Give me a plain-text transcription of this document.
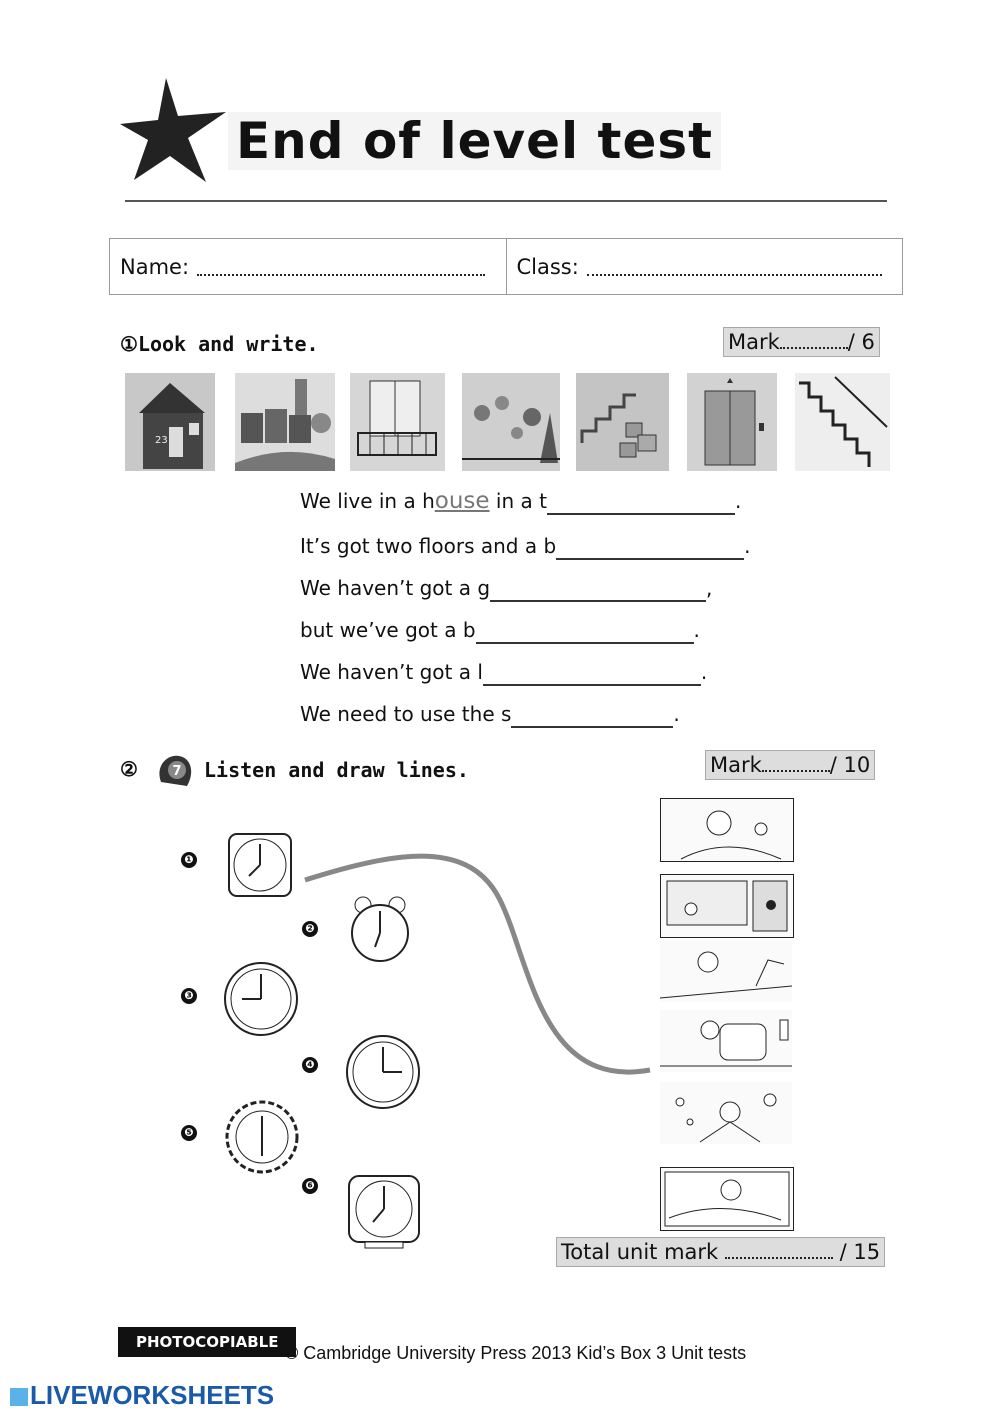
End of level test
Name:	Class:
①Look and write.	Mark	/ 6
23
We live in a house in a t	.
It’s got two floors and a b	.
We haven’t got a g	,
but we’ve got a b	.
We haven’t got a l	.
We need to use the s	.
②	7 Listen and draw lines.	Mark	/ 10
❶
❷
❸
❹
❺
❻
Total unit mark	/ 15
PHOTOCOPIABLE
© Cambridge University Press 2013 Kid’s Box 3 Unit tests
LIVEWORKSHEETS
